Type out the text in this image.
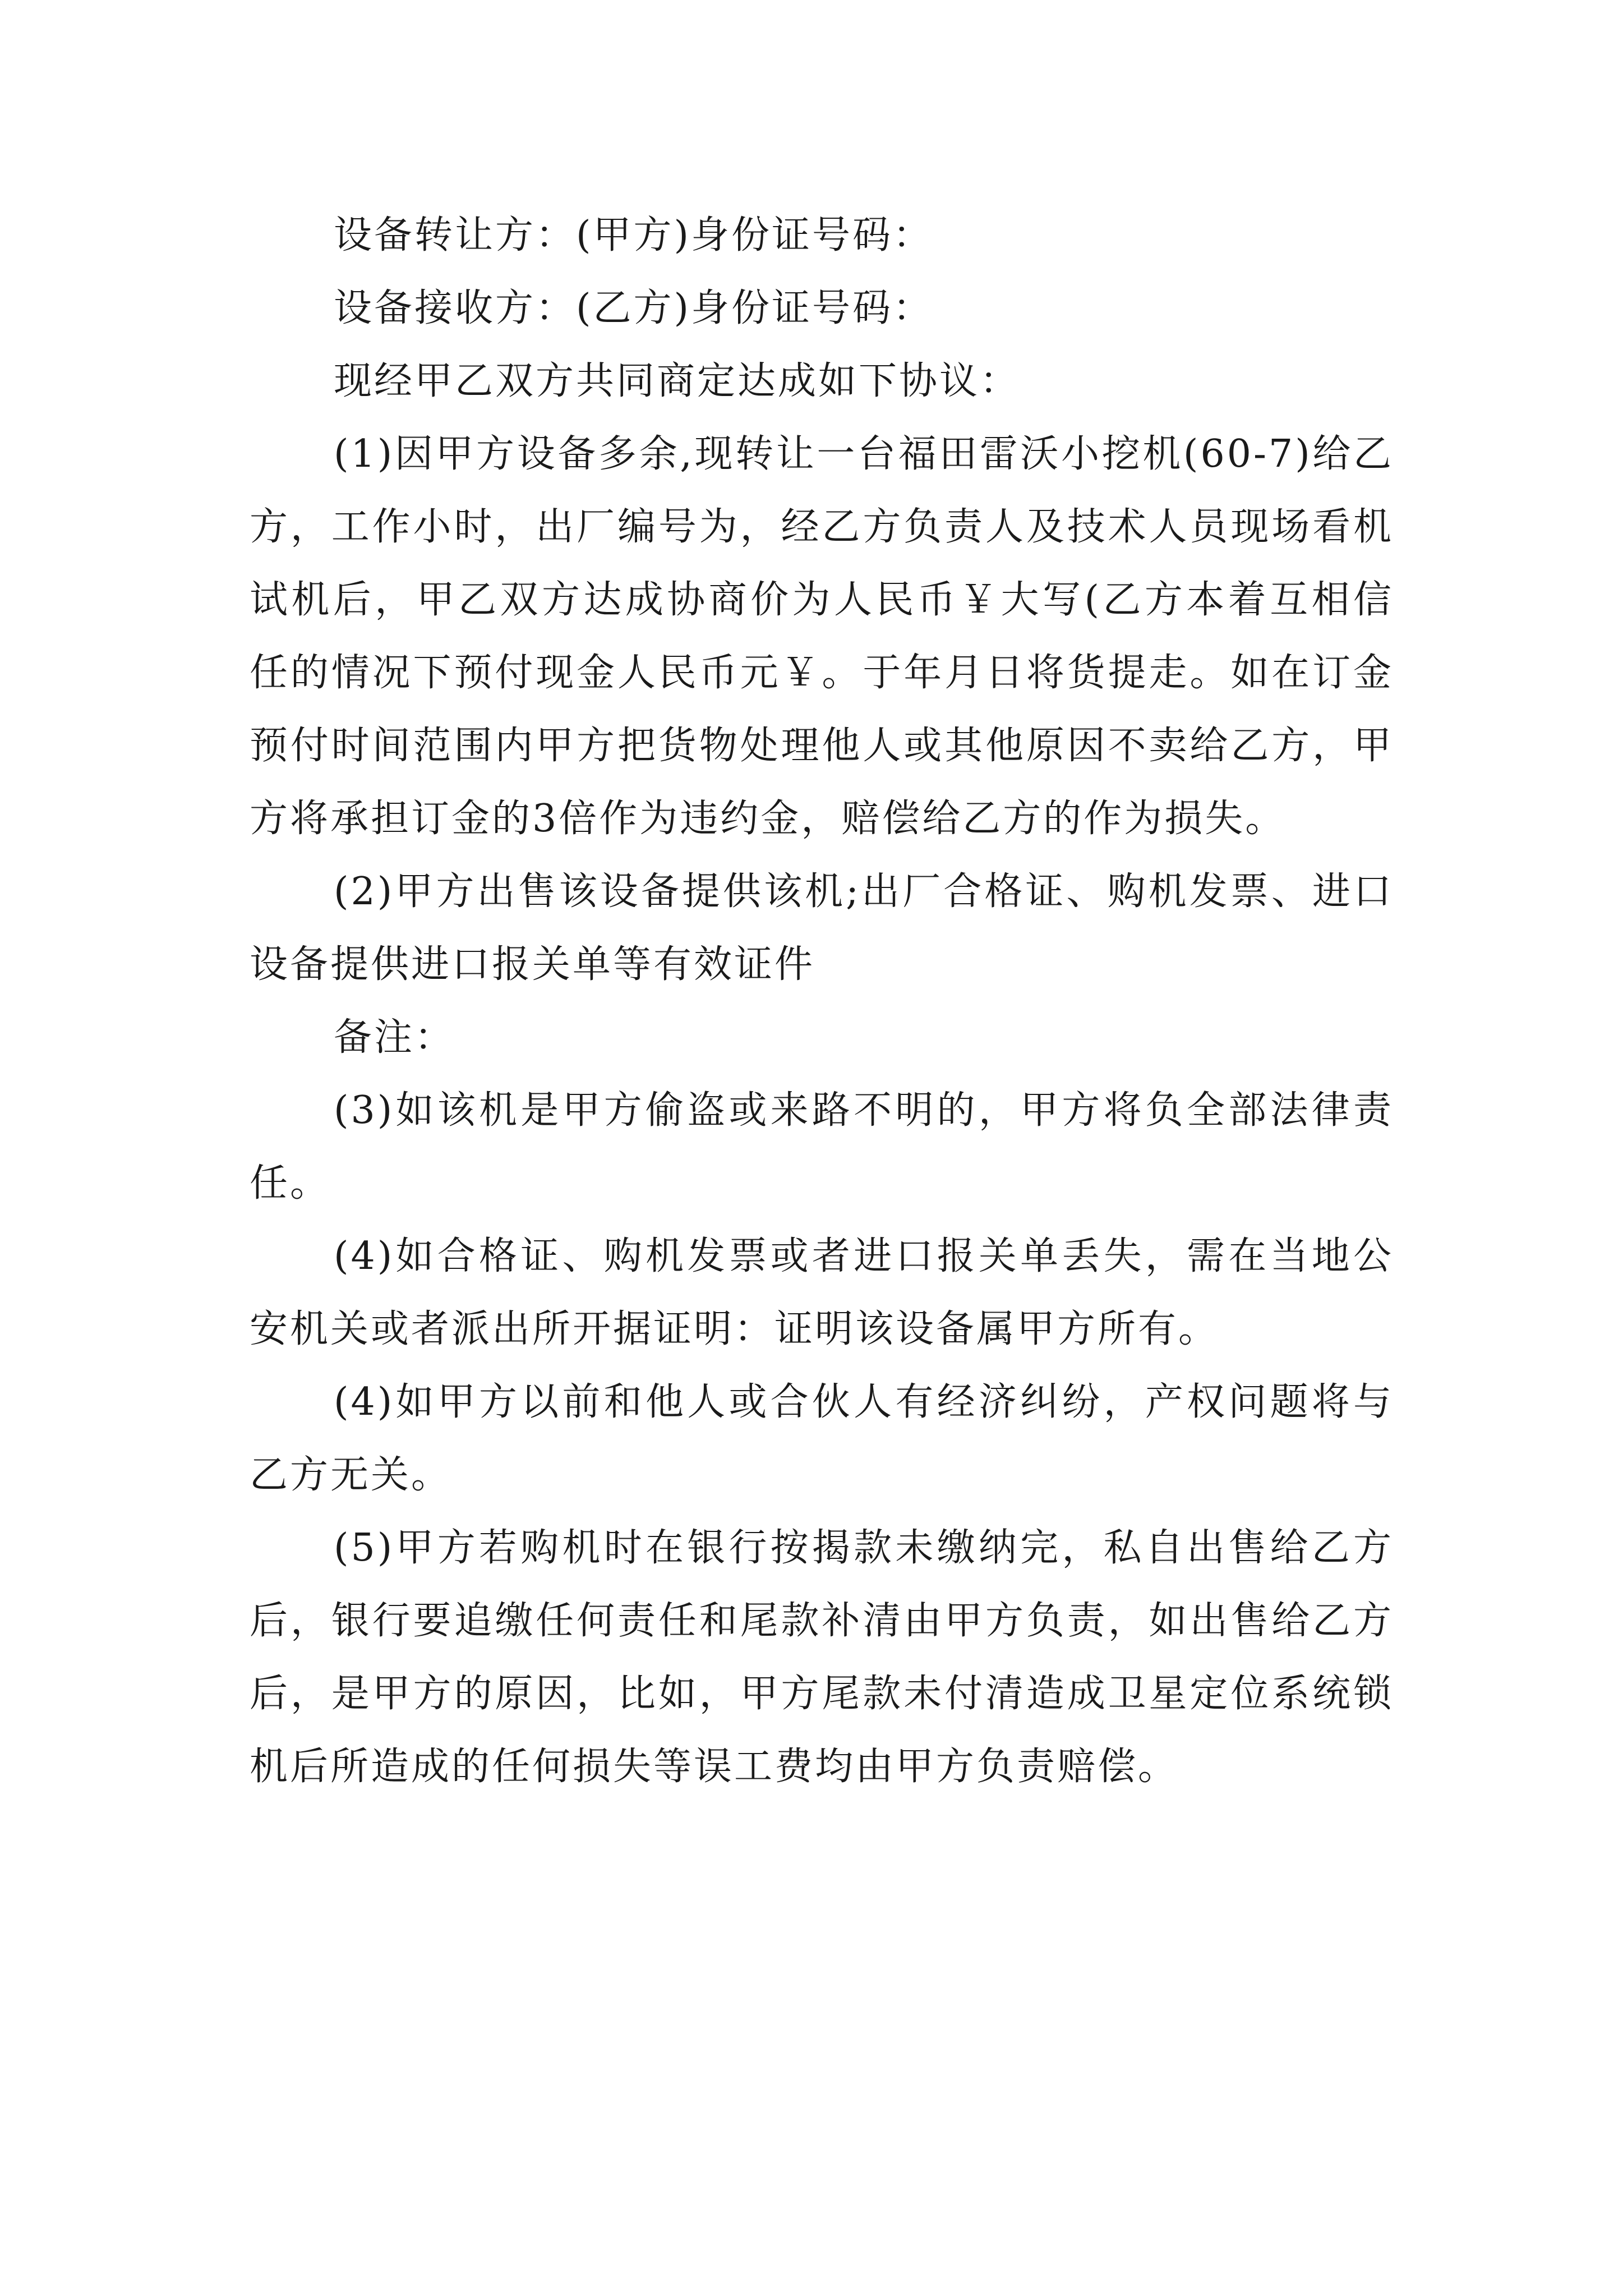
设备转让方：(甲方)身份证号码：

设备接收方：(乙方)身份证号码：

现经甲乙双方共同商定达成如下协议：

(1)因甲方设备多余,现转让一台福田雷沃小挖机(60-7)给乙方，工作小时，出厂编号为，经乙方负责人及技术人员现场看机试机后，甲乙双方达成协商价为人民币￥大写(乙方本着互相信任的情况下预付现金人民币元￥。于年月日将货提走。如在订金预付时间范围内甲方把货物处理他人或其他原因不卖给乙方，甲方将承担订金的3倍作为违约金，赔偿给乙方的作为损失。

(2)甲方出售该设备提供该机;出厂合格证、购机发票、进口设备提供进口报关单等有效证件

备注：

(3)如该机是甲方偷盗或来路不明的，甲方将负全部法律责任。

(4)如合格证、购机发票或者进口报关单丢失，需在当地公安机关或者派出所开据证明：证明该设备属甲方所有。

(4)如甲方以前和他人或合伙人有经济纠纷，产权问题将与乙方无关。

(5)甲方若购机时在银行按揭款未缴纳完，私自出售给乙方后，银行要追缴任何责任和尾款补清由甲方负责，如出售给乙方后，是甲方的原因，比如，甲方尾款未付清造成卫星定位系统锁机后所造成的任何损失等误工费均由甲方负责赔偿。
